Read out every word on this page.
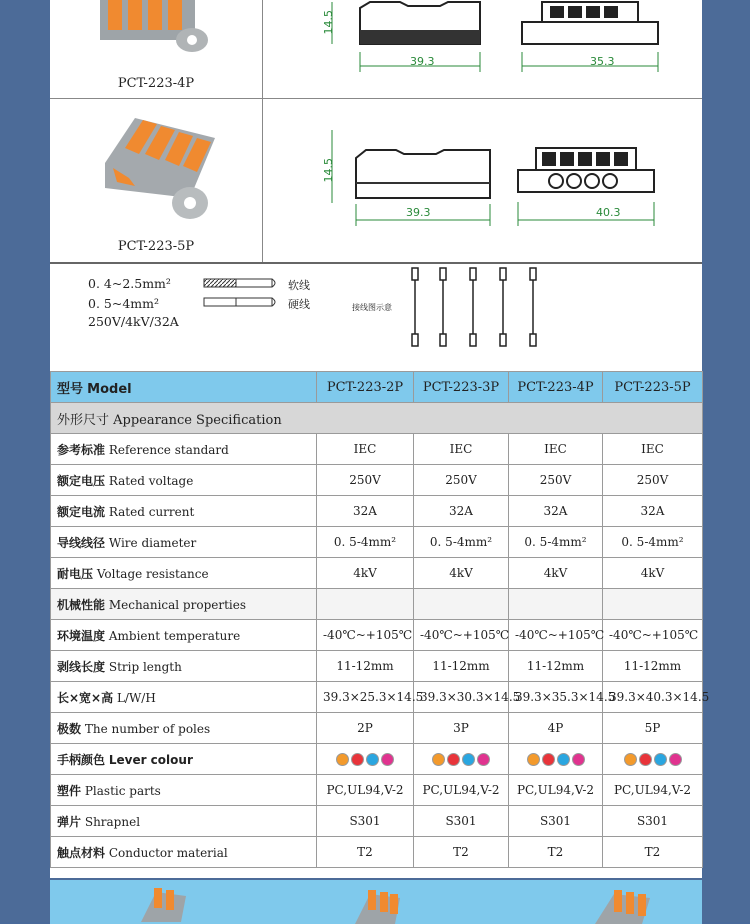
PCT-223-4P
14.5
39.3	35.3
PCT-223-5P
14.5
39.3	40.3
0. 4~2.5mm²
0. 5~4mm²
250V/4kV/32A
软线
硬线	接线图示意
型号 Model	PCT-223-2P	PCT-223-3P	PCT-223-4P	PCT-223-5P
外形尺寸 Appearance Specification				
参考标准 Reference standard	IEC	IEC	IEC	IEC
额定电压 Rated voltage	250V	250V	250V	250V
额定电流 Rated current	32A	32A	32A	32A
导线线径 Wire diameter	0. 5-4mm²	0. 5-4mm²	0. 5-4mm²	0. 5-4mm²
耐电压 Voltage resistance	4kV	4kV	4kV	4kV
机械性能 Mechanical properties				
环境温度 Ambient temperature	-40℃~+105℃	-40℃~+105℃	-40℃~+105℃	-40℃~+105℃
剥线长度 Strip length	11-12mm	11-12mm	11-12mm	11-12mm
长×宽×高 L/W/H	39.3×25.3×14.5	39.3×30.3×14.5	39.3×35.3×14.5	39.3×40.3×14.5
极数 The number of poles	2P	3P	4P	5P
手柄颜色 Lever colour	

塑件 Plastic parts	PC,UL94,V-2	PC,UL94,V-2	PC,UL94,V-2	PC,UL94,V-2
弹片 Shrapnel	S301	S301	S301	S301
触点材料 Conductor material	T2	T2	T2	T2
